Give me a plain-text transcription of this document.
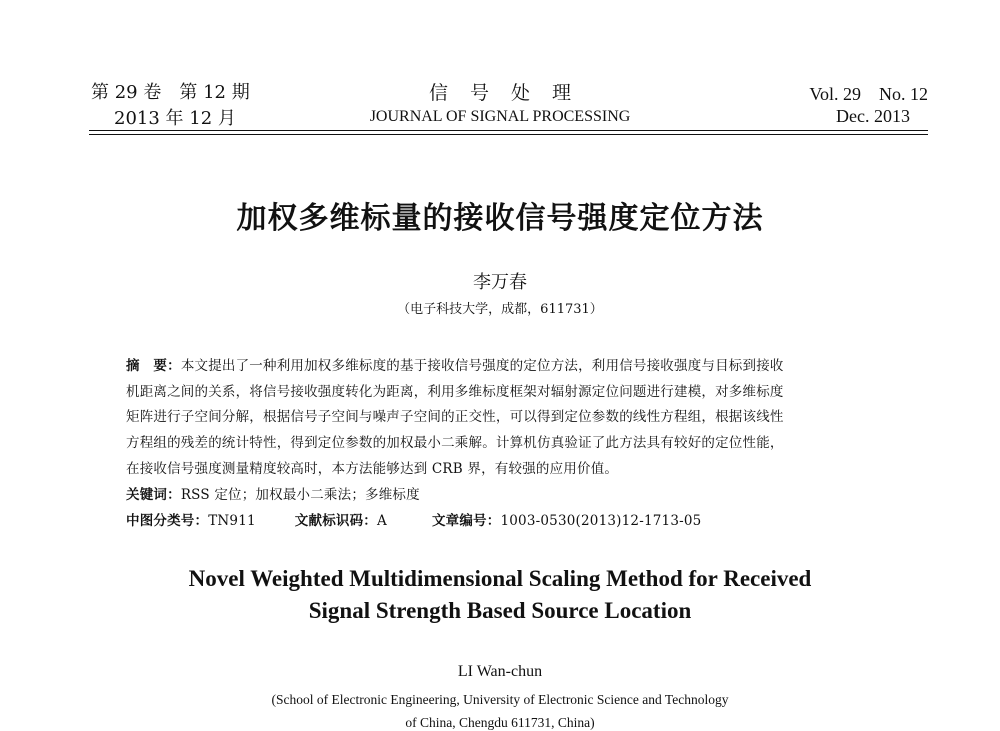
第 29 卷　第 12 期
2013 年 12 月
信号处理
JOURNAL OF SIGNAL PROCESSING
Vol. 29　No. 12
Dec. 2013
加权多维标量的接收信号强度定位方法
李万春
（电子科技大学，成都，611731）
摘　要：本文提出了一种利用加权多维标度的基于接收信号强度的定位方法，利用信号接收强度与目标到接收
机距离之间的关系，将信号接收强度转化为距离，利用多维标度框架对辐射源定位问题进行建模，对多维标度
矩阵进行子空间分解，根据信号子空间与噪声子空间的正交性，可以得到定位参数的线性方程组，根据该线性
方程组的残差的统计特性，得到定位参数的加权最小二乘解。计算机仿真验证了此方法具有较好的定位性能，
在接收信号强度测量精度较高时，本方法能够达到 CRB 界，有较强的应用价值。
关键词：RSS 定位；加权最小二乘法；多维标度
中图分类号：TN911	文献标识码：A	文章编号：1003-0530(2013)12-1713-05
Novel Weighted Multidimensional Scaling Method for Received
Signal Strength Based Source Location
LI Wan-chun
(School of Electronic Engineering, University of Electronic Science and Technology
of China, Chengdu 611731, China)
